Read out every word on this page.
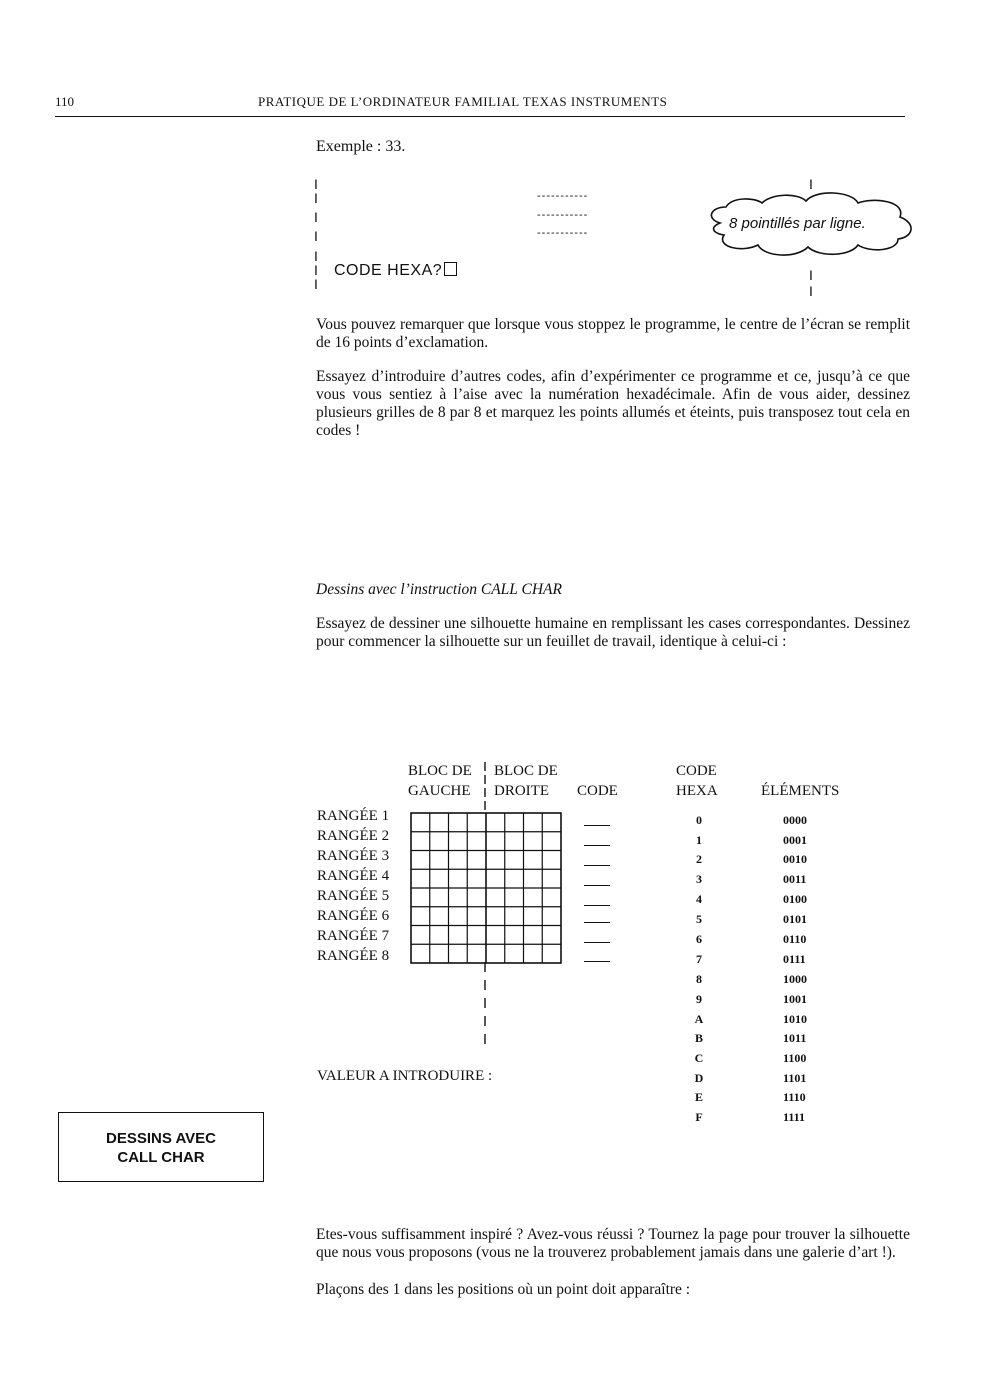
110	PRATIQUE DE L’ORDINATEUR FAMILIAL TEXAS INSTRUMENTS
Exemple : 33.
I
I
I
I
I
I
I
I
I
I
-----------
-----------
-----------
CODE HEXA?
8 pointillés par ligne.
Vous pouvez remarquer que lorsque vous stoppez le programme, le centre de l’écran se remplit de 16 points d’exclamation.
Essayez d’introduire d’autres codes, afin d’expérimenter ce programme et ce, jusqu’à ce que vous vous sentiez à l’aise avec la numération hexadécimale. Afin de vous aider, dessinez plusieurs grilles de 8 par 8 et marquez les points allumés et éteints, puis transposez tout cela en codes !
Dessins avec l’instruction CALL CHAR
Essayez de dessiner une silhouette humaine en remplissant les cases correspondantes. Dessinez pour commencer la silhouette sur un feuillet de travail, identique à celui-ci :
BLOC DE
GAUCHE
BLOC DE
DROITE	CODE
CODE
HEXA	ÉLÉMENTS
RANGÉE 1
RANGÉE 2
RANGÉE 3
RANGÉE 4
RANGÉE 5
RANGÉE 6
RANGÉE 7
RANGÉE 8
0	0000
1	0001
2	0010
3	0011
4	0100
5	0101
6	0110
7	0111
8	1000
9	1001
A	1010
B	1011
C	1100
D	1101
E	1110
F	1111
VALEUR A INTRODUIRE :
DESSINS AVEC
CALL CHAR
Etes-vous suffisamment inspiré ? Avez-vous réussi ? Tournez la page pour trouver la silhouette que nous vous proposons (vous ne la trouverez probablement jamais dans une galerie d’art !).
Plaçons des 1 dans les positions où un point doit apparaître :
